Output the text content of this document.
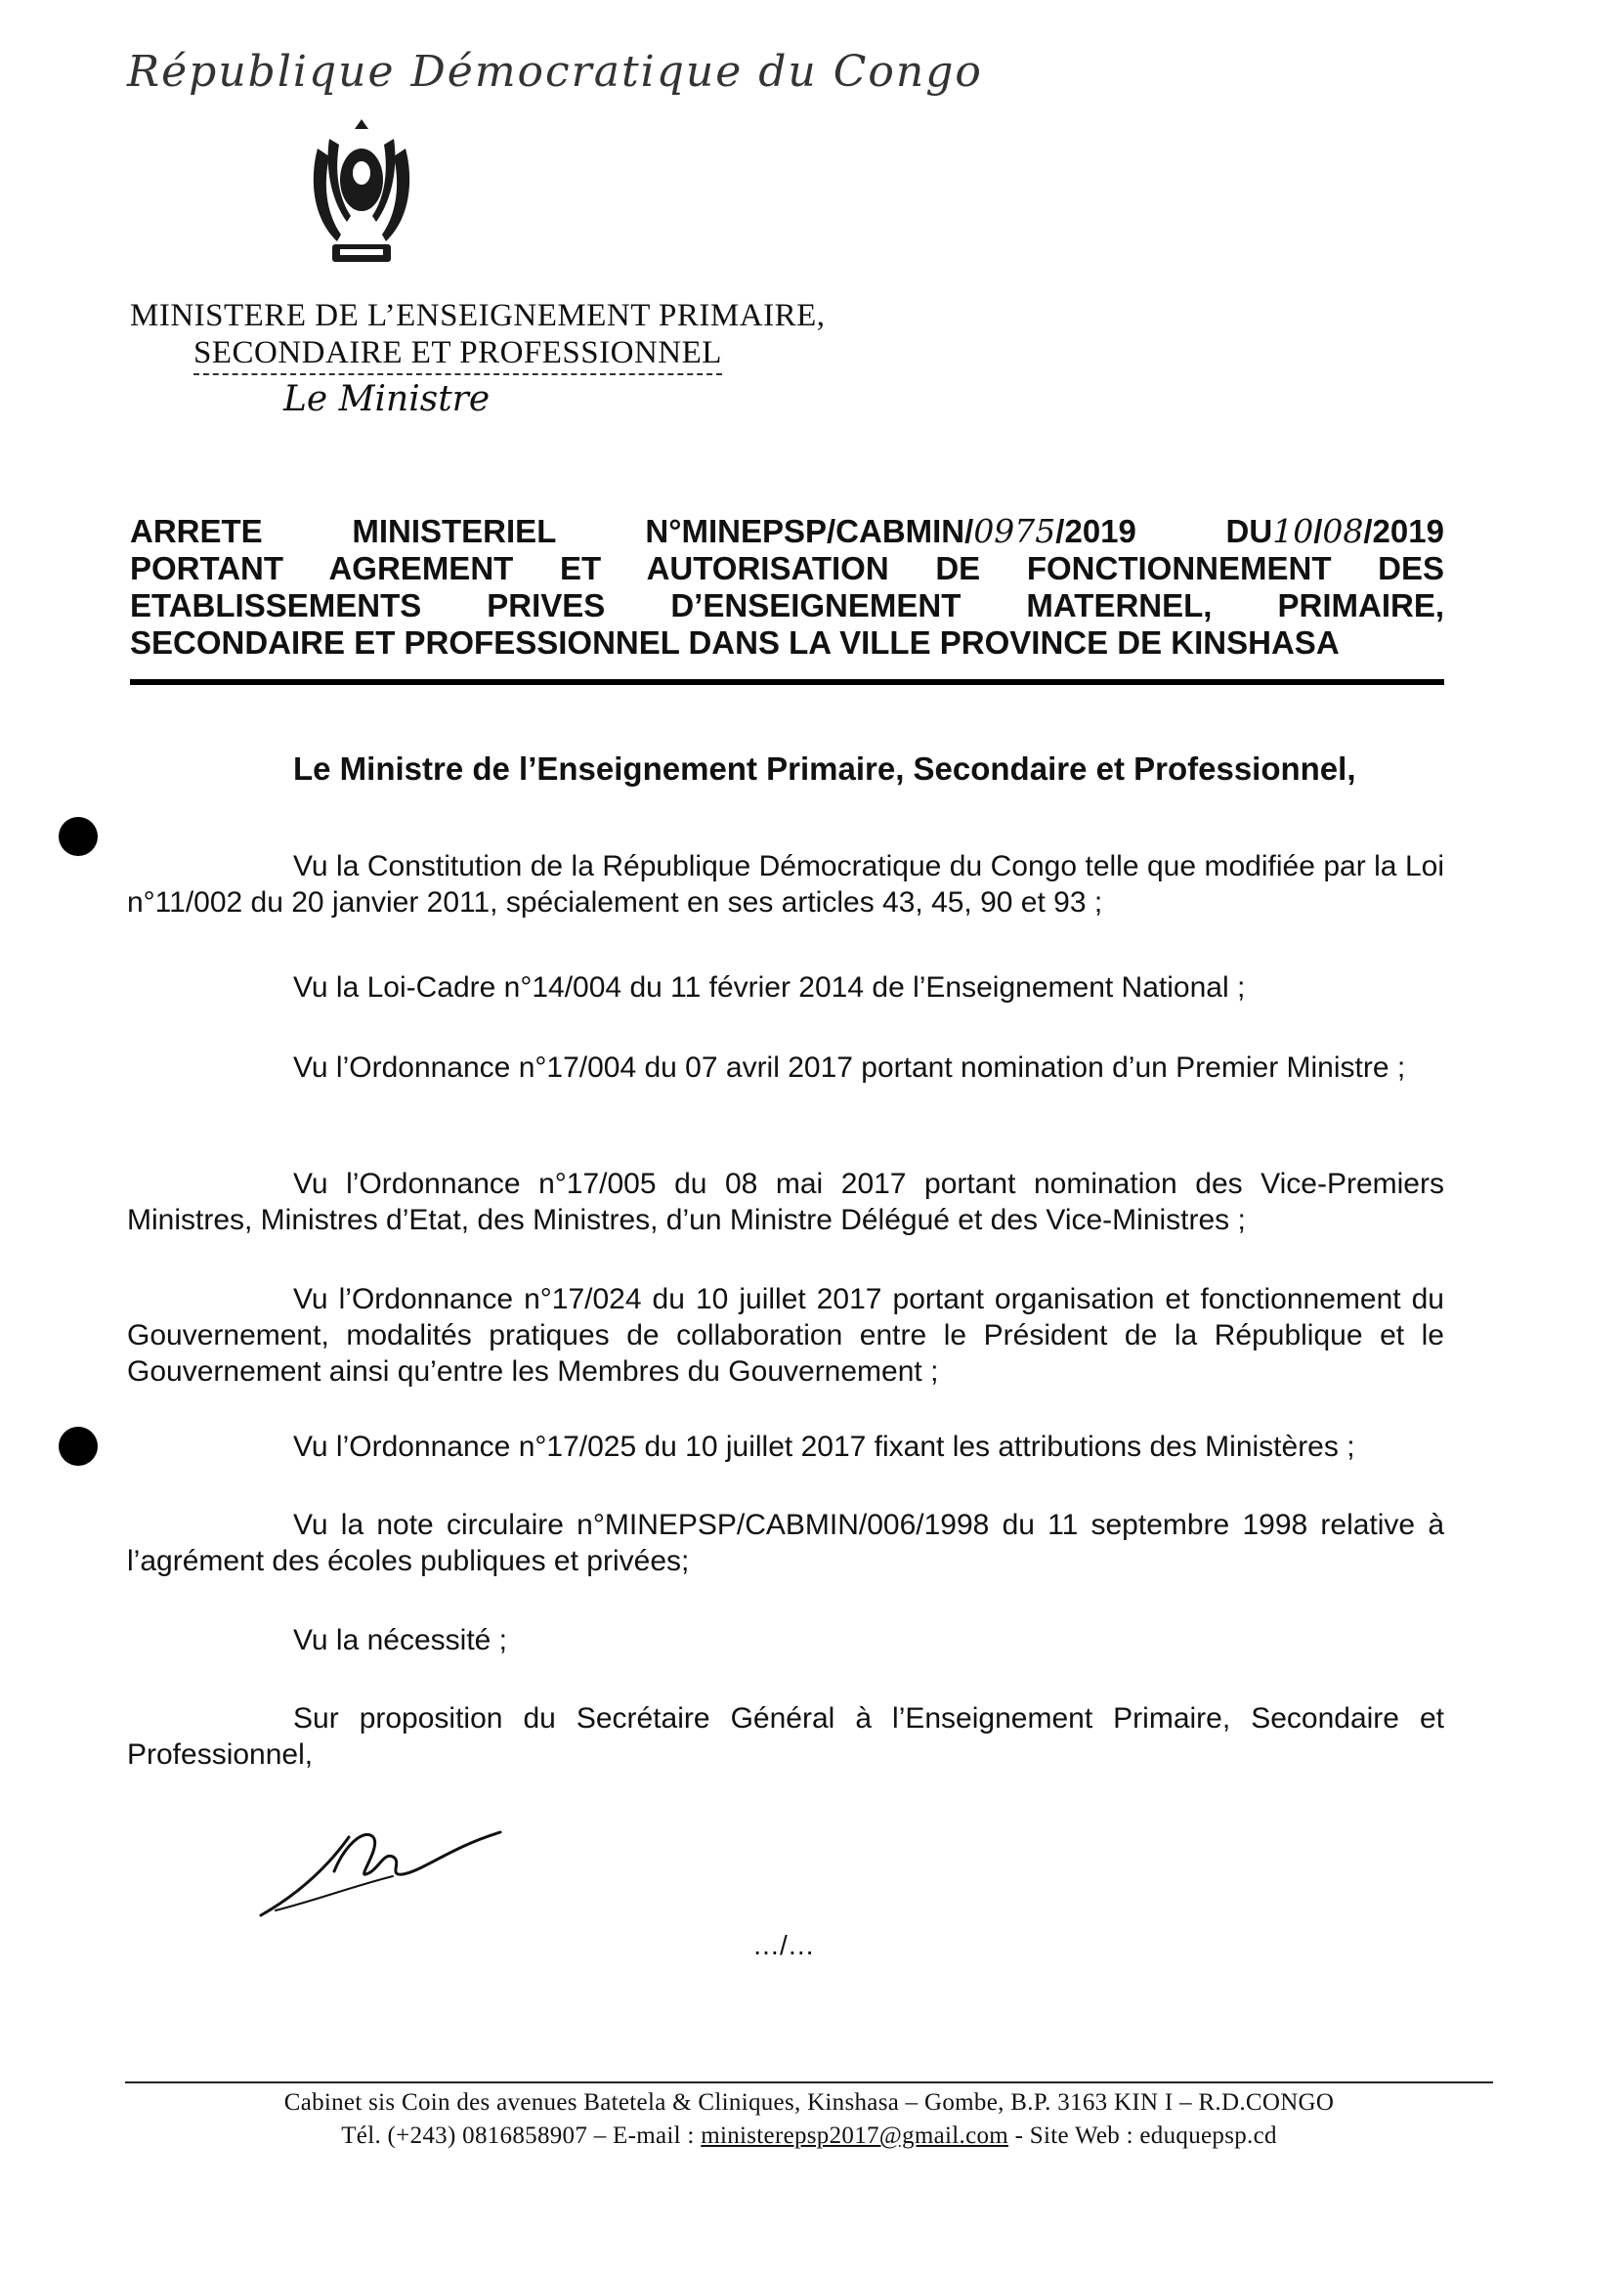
République Démocratique du Congo
MINISTERE DE L’ENSEIGNEMENT PRIMAIRE,
SECONDAIRE ET PROFESSIONNEL
Le Ministre
ARRETE MINISTERIEL N°MINEPSP/CABMIN/0975/2019 DU10/08/2019
PORTANT AGREMENT ET AUTORISATION DE FONCTIONNEMENT DES
ETABLISSEMENTS PRIVES D’ENSEIGNEMENT MATERNEL, PRIMAIRE,
SECONDAIRE ET PROFESSIONNEL DANS LA VILLE PROVINCE DE KINSHASA
Le Ministre de l’Enseignement Primaire, Secondaire et Professionnel,
Vu la Constitution de la République Démocratique du Congo telle que modifiée par la Loi n°11/002 du 20 janvier 2011, spécialement en ses articles 43, 45, 90 et 93 ;
Vu la Loi-Cadre n°14/004 du 11 février 2014 de l’Enseignement National ;
Vu l’Ordonnance n°17/004 du 07 avril 2017 portant nomination d’un Premier Ministre ;
Vu l’Ordonnance n°17/005 du 08 mai 2017 portant nomination des Vice-Premiers Ministres, Ministres d’Etat, des Ministres, d’un Ministre Délégué et des Vice-Ministres ;
Vu l’Ordonnance n°17/024 du 10 juillet 2017 portant organisation et fonctionnement du Gouvernement, modalités pratiques de collaboration entre le Président de la République et le Gouvernement ainsi qu’entre les Membres du Gouvernement ;
Vu l’Ordonnance n°17/025 du 10 juillet 2017 fixant les attributions des Ministères ;
Vu la note circulaire n°MINEPSP/CABMIN/006/1998 du 11 septembre 1998 relative à l’agrément des écoles publiques et privées;
Vu la nécessité ;
Sur proposition du Secrétaire Général à l’Enseignement Primaire, Secondaire et Professionnel,
…/…
Cabinet sis Coin des avenues Batetela & Cliniques, Kinshasa – Gombe, B.P. 3163 KIN I – R.D.CONGO
Tél. (+243) 0816858907 – E-mail : ministerepsp2017@gmail.com - Site Web : eduquepsp.cd
